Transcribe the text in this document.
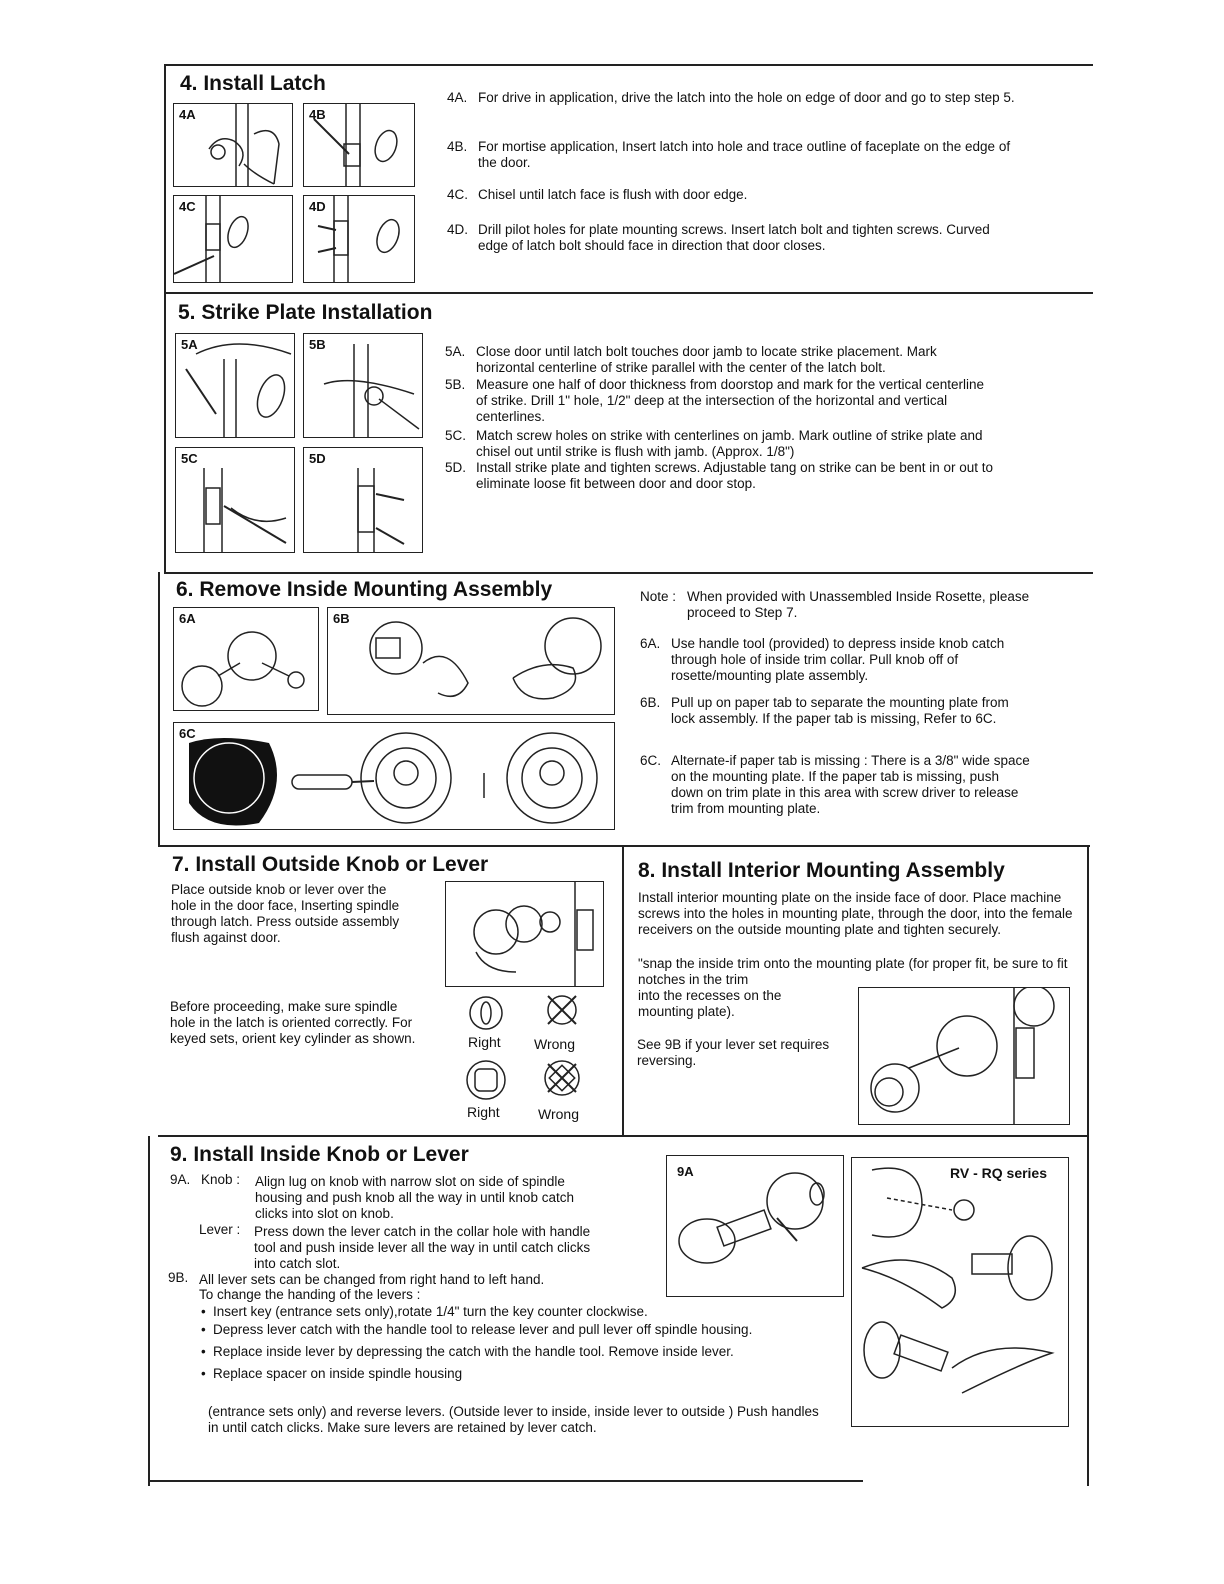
4. Install Latch
4A	4B
4C	4D
4A. For drive in application, drive the latch into the hole on edge of door and go to step step 5.
4B. For mortise application, Insert latch into hole and trace outline of faceplate on the edge of the door.
4C. Chisel until latch face is flush with door edge.
4D. Drill pilot holes for plate mounting screws. Insert latch bolt and tighten screws. Curved edge of latch bolt should face in direction that door closes.
5. Strike Plate Installation
5A	5B
5C	5D
5A. Close door until latch bolt touches door jamb to locate strike placement. Mark horizontal centerline of strike parallel with the center of the latch bolt.
5B. Measure one half of door thickness from doorstop and mark for the vertical centerline of strike. Drill 1" hole, 1/2" deep at the intersection of the horizontal and vertical centerlines.
5C. Match screw holes on strike with centerlines on jamb. Mark outline of strike plate and chisel out until strike is flush with jamb. (Approx. 1/8")
5D. Install strike plate and tighten screws. Adjustable tang on strike can be bent in or out to eliminate loose fit between door and door stop.
6. Remove Inside Mounting Assembly
6A	6B
6C
Note : When provided with Unassembled Inside Rosette, please proceed to Step 7.
6A. Use handle tool (provided) to depress inside knob catch through hole of inside trim collar. Pull knob off of rosette/mounting plate assembly.
6B. Pull up on paper tab to separate the mounting plate from lock assembly. If the paper tab is missing, Refer to 6C.
6C. Alternate-if paper tab is missing : There is a 3/8" wide space on the mounting plate. If the paper tab is missing, push down on trim plate in this area with screw driver to release trim from mounting plate.
7. Install Outside Knob or Lever
Place outside knob or lever over the hole in the door face, Inserting spindle through latch. Press outside assembly flush against door.
Before proceeding, make sure spindle hole in the latch is oriented correctly. For keyed sets, orient key cylinder as shown.	Right Wrong
Right	Wrong
8. Install Interior Mounting Assembly
Install interior mounting plate on the inside face of door. Place machine screws into the holes in mounting plate, through the door, into the female receivers on the outside mounting plate and tighten securely.
"snap the inside trim onto the mounting plate (for proper fit, be sure to fit notches in the trim
into the recesses on the mounting plate).
See 9B if your lever set requires reversing.
9. Install Inside Knob or Lever
9A. Knob : Align lug on knob with narrow slot on side of spindle housing and push knob all the way in until knob catch clicks into slot on knob.
Lever : Press down the lever catch in the collar hole with handle tool and push inside lever all the way in until catch clicks into catch slot.
9B. All lever sets can be changed from right hand to left hand.
To change the handing of the levers :
• Insert key (entrance sets only),rotate 1/4" turn the key counter clockwise.
• Depress lever catch with the handle tool to release lever and pull lever off spindle housing.
• Replace inside lever by depressing the catch with the handle tool. Remove inside lever.
• Replace spacer on inside spindle housing
(entrance sets only) and reverse levers. (Outside lever to inside, inside lever to outside ) Push handles in until catch clicks. Make sure levers are retained by lever catch.
9A	RV - RQ series
